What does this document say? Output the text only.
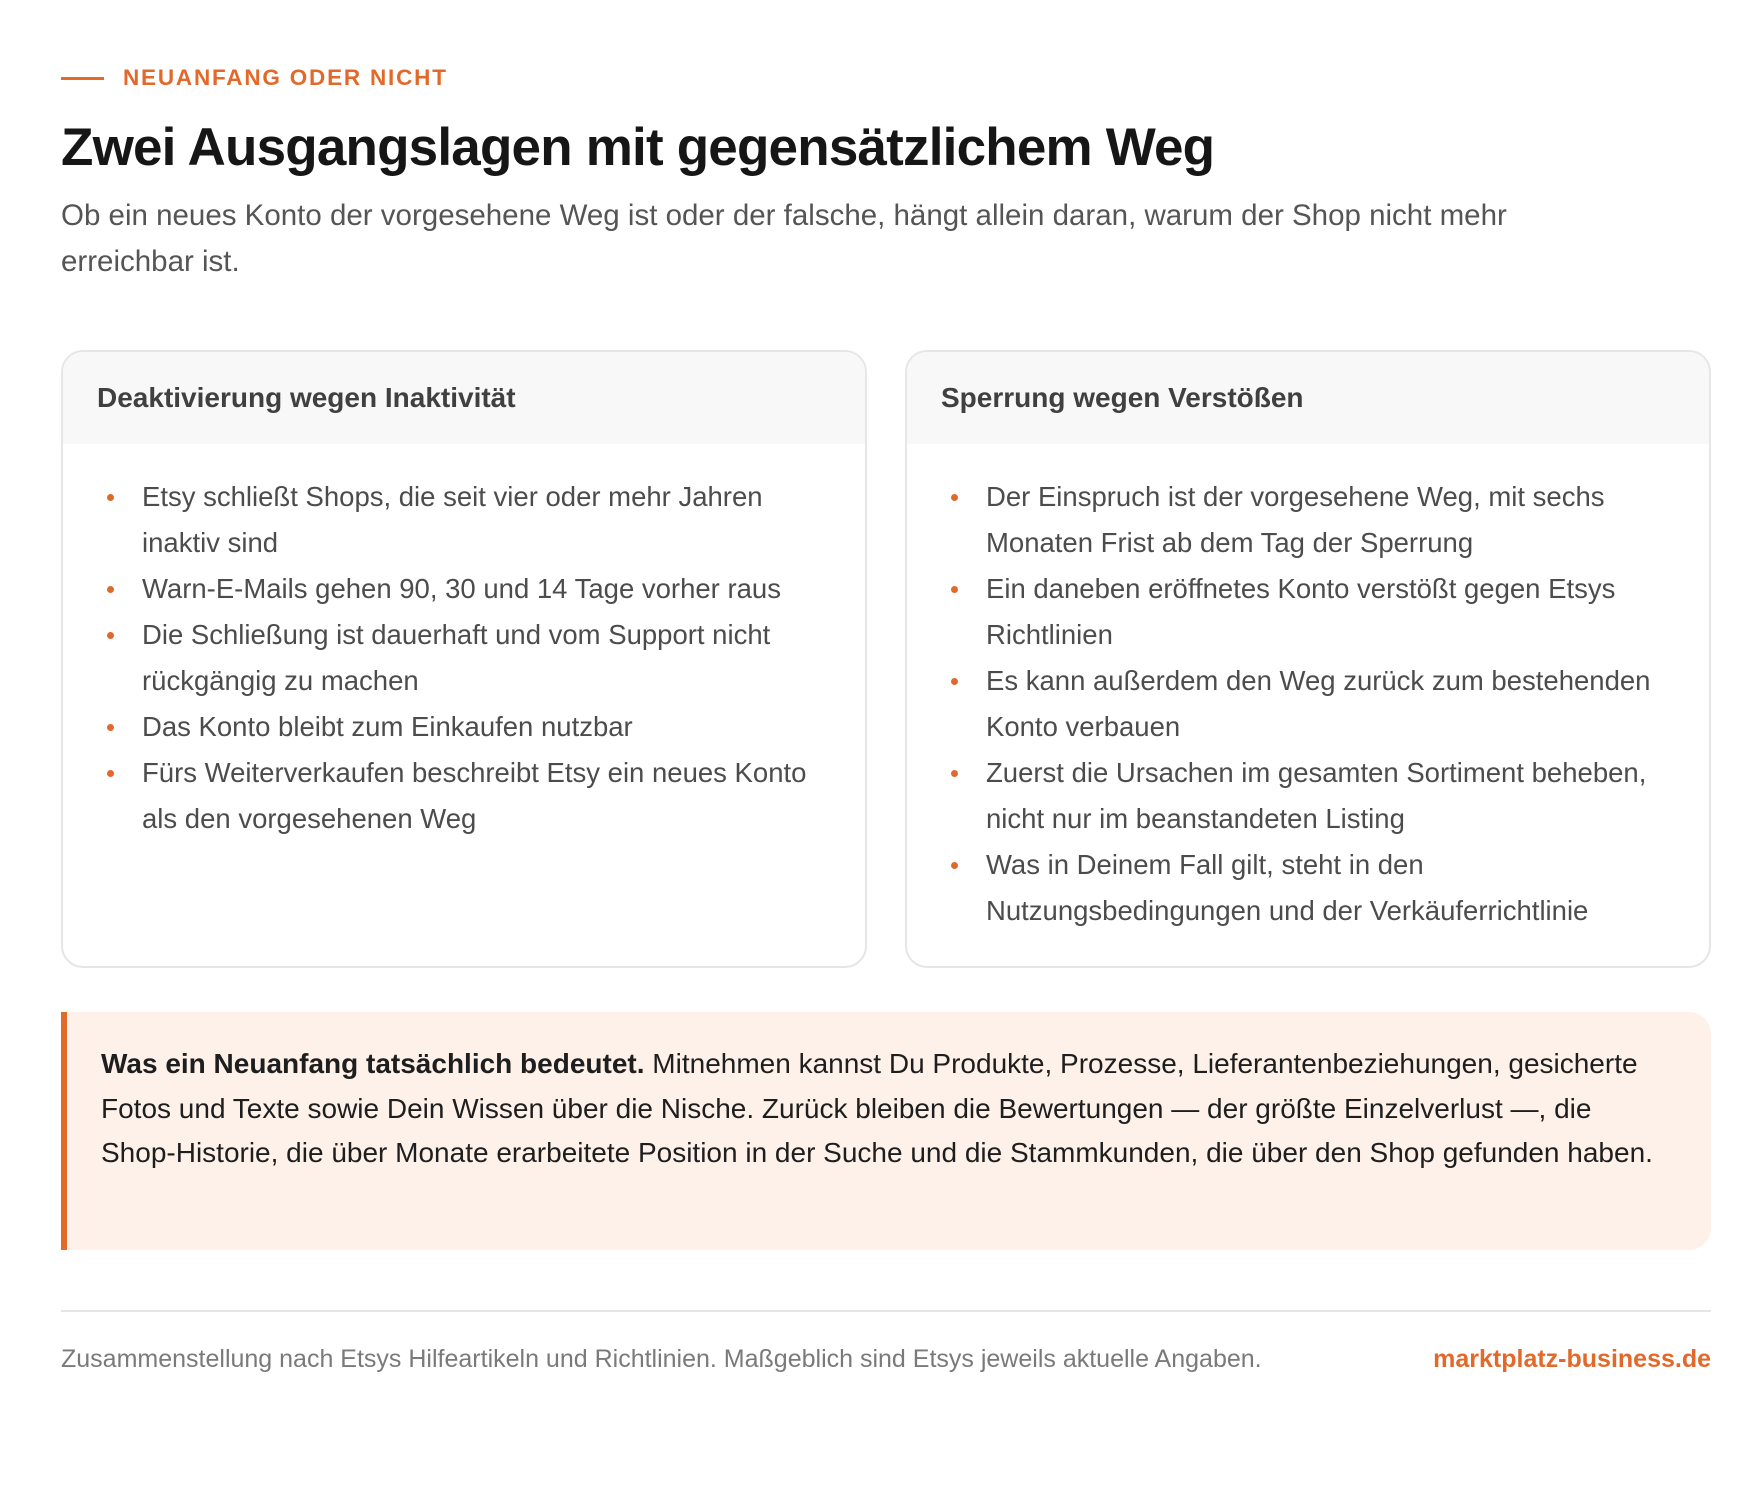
NEUANFANG ODER NICHT
Zwei Ausgangslagen mit gegensätzlichem Weg

Ob ein neues Konto der vorgesehene Weg ist oder der falsche, hängt allein daran, warum der Shop nicht mehr erreichbar ist.

Deaktivierung wegen Inaktivität
Etsy schließt Shops, die seit vier oder mehr Jahren inaktiv sind
Warn-E-Mails gehen 90, 30 und 14 Tage vorher raus
Die Schließung ist dauerhaft und vom Support nicht rückgängig zu machen
Das Konto bleibt zum Einkaufen nutzbar
Fürs Weiterverkaufen beschreibt Etsy ein neues Konto als den vorgesehenen Weg
Sperrung wegen Verstößen
Der Einspruch ist der vorgesehene Weg, mit sechs Monaten Frist ab dem Tag der Sperrung
Ein daneben eröffnetes Konto verstößt gegen Etsys Richtlinien
Es kann außerdem den Weg zurück zum bestehenden Konto verbauen
Zuerst die Ursachen im gesamten Sortiment beheben, nicht nur im beanstandeten Listing
Was in Deinem Fall gilt, steht in den Nutzungsbedingungen und der Verkäuferrichtlinie

Was ein Neuanfang tatsächlich bedeutet. Mitnehmen kannst Du Produkte, Prozesse, Lieferantenbeziehungen, gesicherte Fotos und Texte sowie Dein Wissen über die Nische. Zurück bleiben die Bewertungen — der größte Einzelverlust —, die Shop-Historie, die über Monate erarbeitete Position in der Suche und die Stammkunden, die über den Shop gefunden haben.

Zusammenstellung nach Etsys Hilfeartikeln und Richtlinien. Maßgeblich sind Etsys jeweils aktuelle Angaben.	marktplatz-business.de
